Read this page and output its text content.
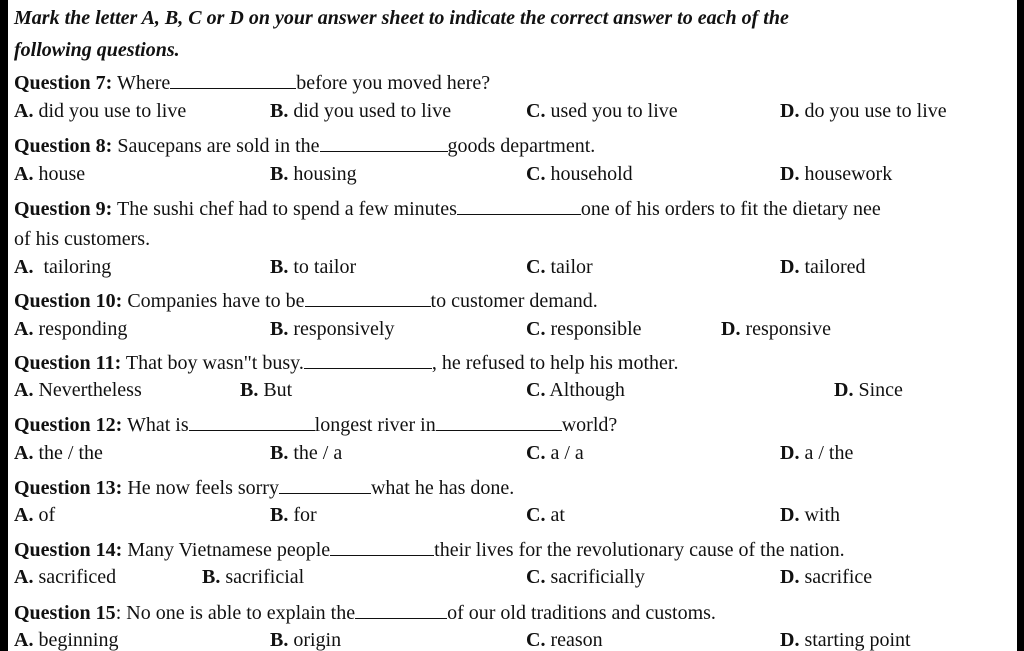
Mark the letter A, B, C or D on your answer sheet to indicate the correct answer to each of the
following questions.
Question 7: Where	before you moved here?
A. did you use to live	B. did you used to live	C. used you to live	D. do you use to live
Question 8: Saucepans are sold in the	goods department.
A. house	B. housing	C. household	D. housework
Question 9: The sushi chef had to spend a few minutes	one of his orders to fit the dietary nee
of his customers.
A.  tailoring	B. to tailor	C. tailor	D. tailored
Question 10: Companies have to be	to customer demand.
A. responding	B. responsively	C. responsible	D. responsive
Question 11: That boy wasn"t busy.	, he refused to help his mother.
A. Nevertheless	B. But	C. Although	D. Since
Question 12: What is	longest river in	world?
A. the / the	B. the / a	C. a / a	D. a / the
Question 13: He now feels sorry	what he has done.
A. of	B. for	C. at	D. with
Question 14: Many Vietnamese people	their lives for the revolutionary cause of the nation.
A. sacrificed	B. sacrificial	C. sacrificially	D. sacrifice
Question 15: No one is able to explain the	of our old traditions and customs.
A. beginning	B. origin	C. reason	D. starting point
